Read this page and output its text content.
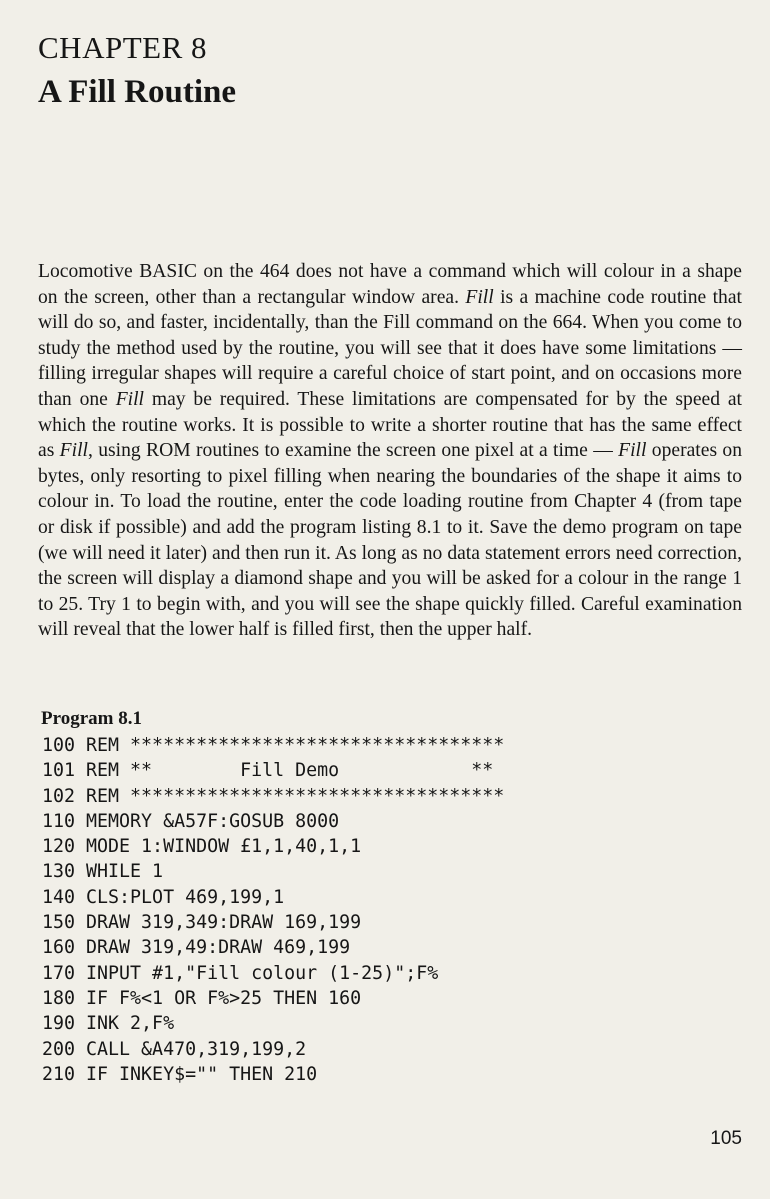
CHAPTER 8
A Fill Routine

Locomotive BASIC on the 464 does not have a command which will colour in a shape on the screen, other than a rectangular window area. Fill is a machine code routine that will do so, and faster, incidentally, than the Fill command on the 664. When you come to study the method used by the routine, you will see that it does have some limitations — filling irregular shapes will require a careful choice of start point, and on occasions more than one Fill may be required. These limitations are compensated for by the speed at which the routine works. It is possible to write a shorter routine that has the same effect as Fill, using ROM routines to examine the screen one pixel at a time — Fill operates on bytes, only resorting to pixel filling when nearing the boundaries of the shape it aims to colour in. To load the routine, enter the code loading routine from Chapter 4 (from tape or disk if possible) and add the program listing 8.1 to it. Save the demo program on tape (we will need it later) and then run it. As long as no data statement errors need correction, the screen will display a diamond shape and you will be asked for a colour in the range 1 to 25. Try 1 to begin with, and you will see the shape quickly filled. Careful examination will reveal that the lower half is filled first, then the upper half.

Program 8.1
100 REM **********************************
101 REM **        Fill Demo            **
102 REM **********************************
110 MEMORY &A57F:GOSUB 8000
120 MODE 1:WINDOW £1,1,40,1,1
130 WHILE 1
140 CLS:PLOT 469,199,1
150 DRAW 319,349:DRAW 169,199
160 DRAW 319,49:DRAW 469,199
170 INPUT #1,"Fill colour (1-25)";F%
180 IF F%<1 OR F%>25 THEN 160
190 INK 2,F%
200 CALL &A470,319,199,2
210 IF INKEY$="" THEN 210
105
